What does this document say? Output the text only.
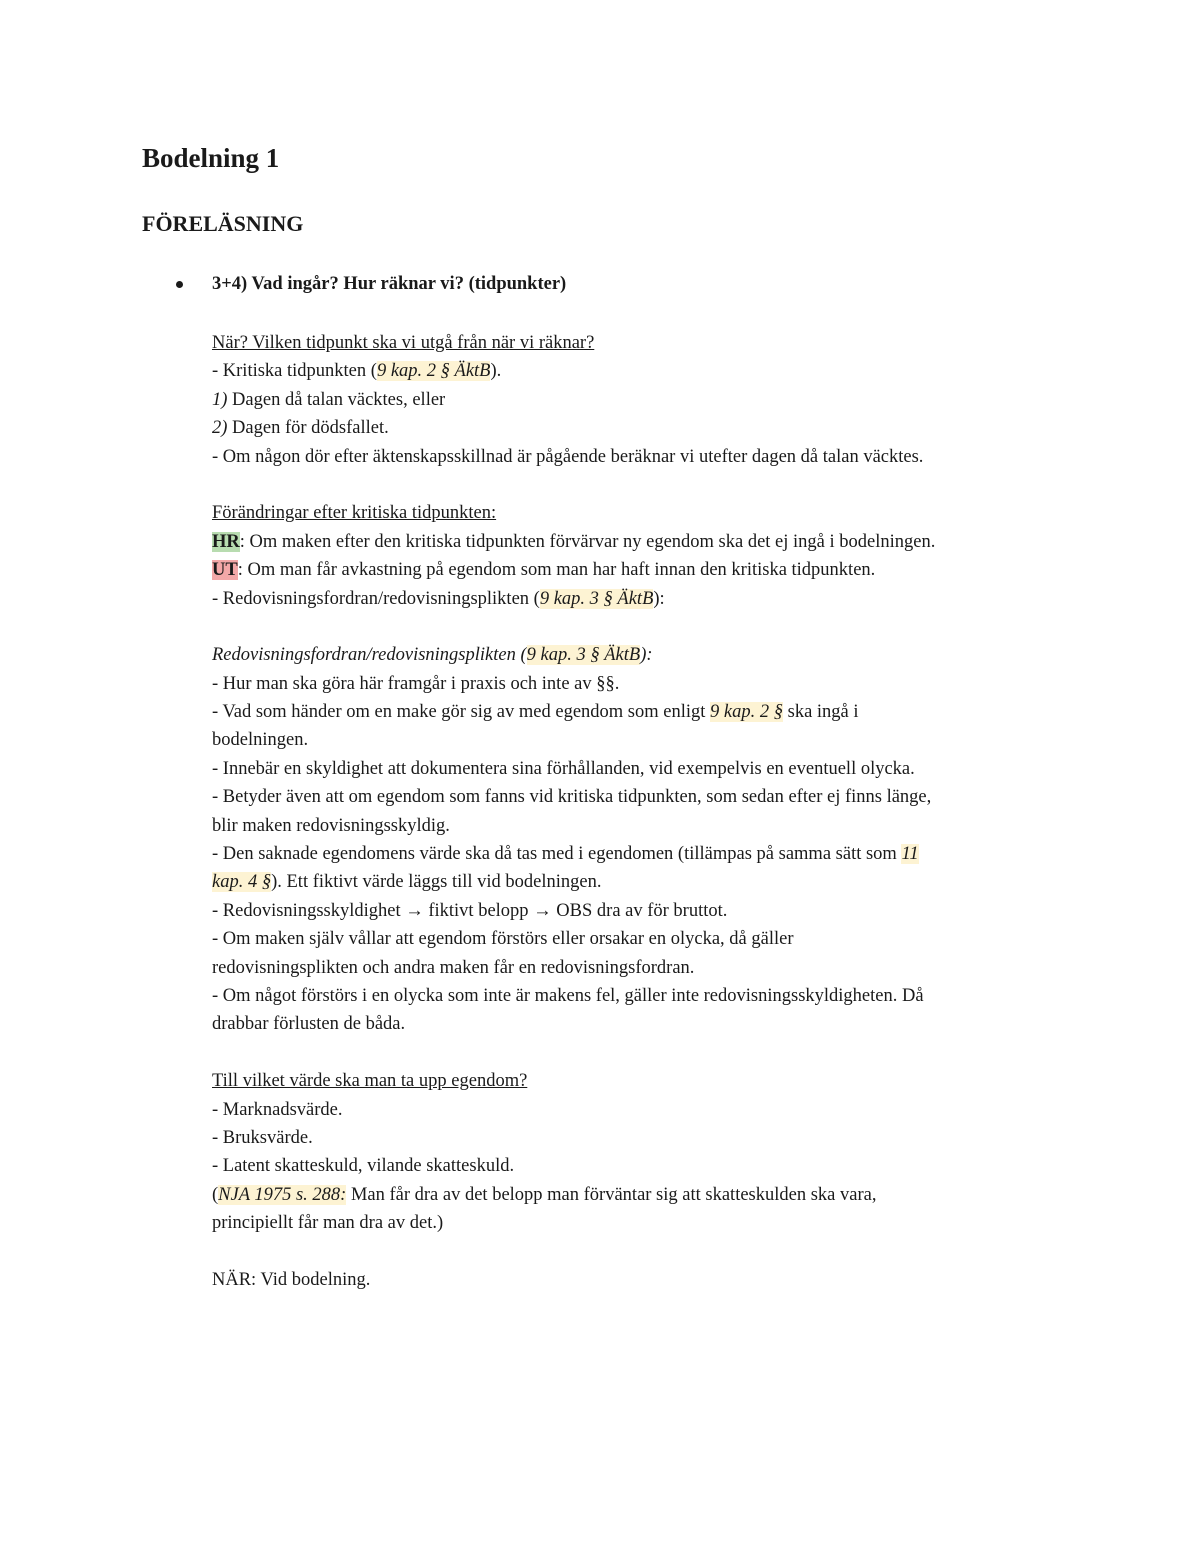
Bodelning 1
FÖRELÄSNING
3+4) Vad ingår? Hur räknar vi? (tidpunkter)
När? Vilken tidpunkt ska vi utgå från när vi räknar?
- Kritiska tidpunkten (9 kap. 2 § ÄktB).
1) Dagen då talan väcktes, eller
2) Dagen för dödsfallet.
- Om någon dör efter äktenskapsskillnad är pågående beräknar vi utefter dagen då talan väcktes.
Förändringar efter kritiska tidpunkten:
HR: Om maken efter den kritiska tidpunkten förvärvar ny egendom ska det ej ingå i bodelningen.
UT: Om man får avkastning på egendom som man har haft innan den kritiska tidpunkten.
- Redovisningsfordran/redovisningsplikten (9 kap. 3 § ÄktB):
Redovisningsfordran/redovisningsplikten (9 kap. 3 § ÄktB):
- Hur man ska göra här framgår i praxis och inte av §§.
- Vad som händer om en make gör sig av med egendom som enligt 9 kap. 2 § ska ingå i
bodelningen.
- Innebär en skyldighet att dokumentera sina förhållanden, vid exempelvis en eventuell olycka.
- Betyder även att om egendom som fanns vid kritiska tidpunkten, som sedan efter ej finns länge,
blir maken redovisningsskyldig.
- Den saknade egendomens värde ska då tas med i egendomen (tillämpas på samma sätt som 11
kap. 4 §). Ett fiktivt värde läggs till vid bodelningen.
- Redovisningsskyldighet → fiktivt belopp → OBS dra av för bruttot.
- Om maken själv vållar att egendom förstörs eller orsakar en olycka, då gäller
redovisningsplikten och andra maken får en redovisningsfordran.
- Om något förstörs i en olycka som inte är makens fel, gäller inte redovisningsskyldigheten. Då
drabbar förlusten de båda.
Till vilket värde ska man ta upp egendom?
- Marknadsvärde.
- Bruksvärde.
- Latent skatteskuld, vilande skatteskuld.
(NJA 1975 s. 288: Man får dra av det belopp man förväntar sig att skatteskulden ska vara,
principiellt får man dra av det.)
NÄR: Vid bodelning.
